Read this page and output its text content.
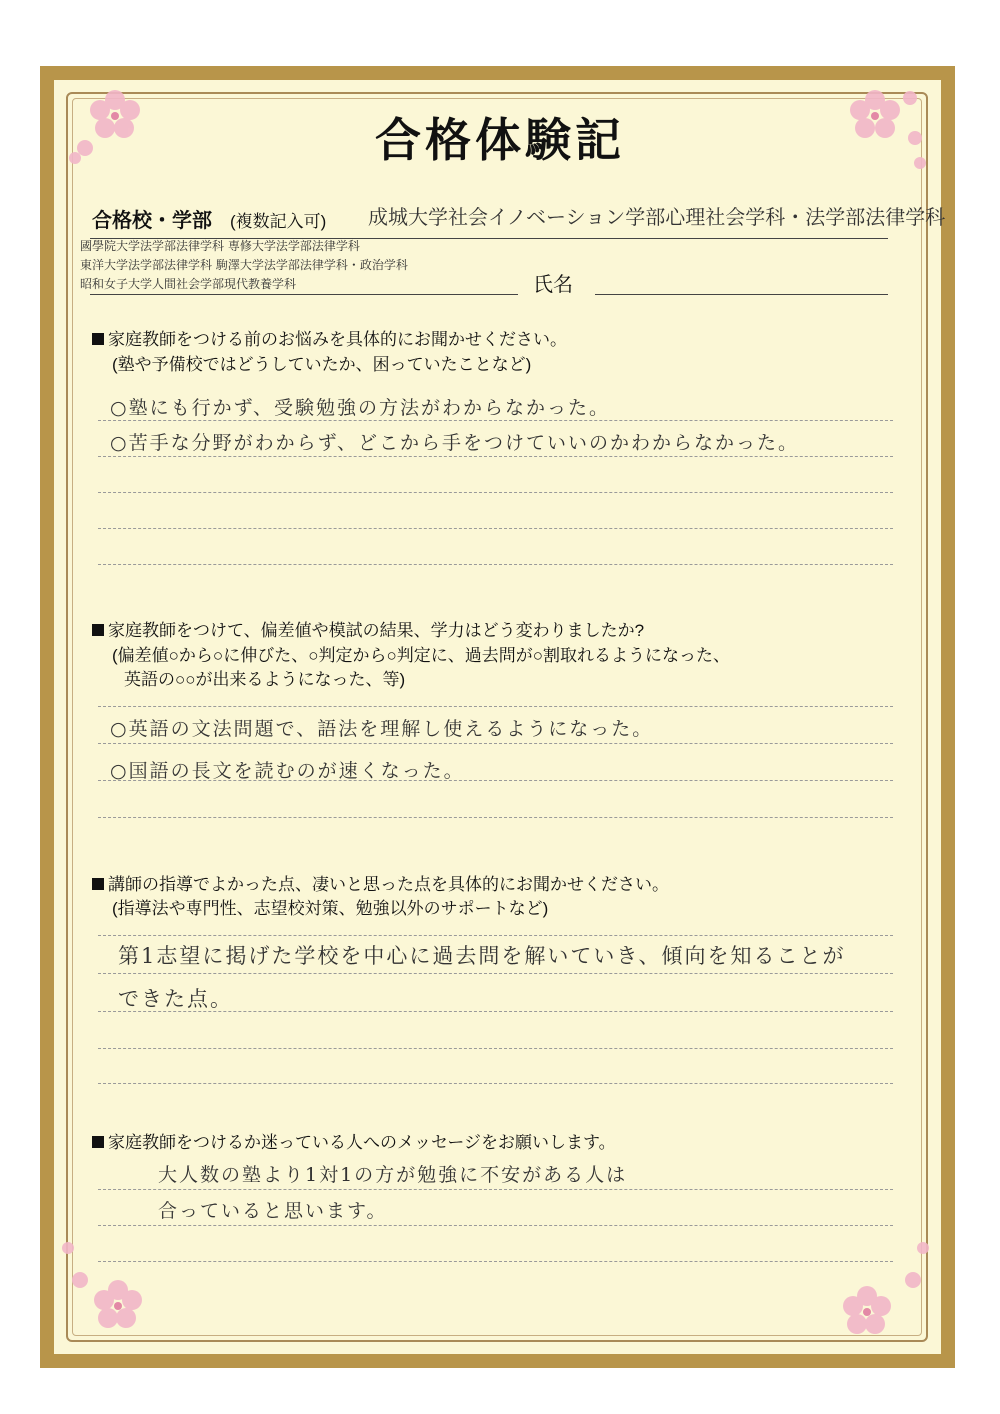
合格体験記
合格校・学部 (複数記入可) 成城大学社会イノベーション学部心理社会学科・法学部法律学科
國學院大学法学部法律学科 専修大学法学部法律学科
東洋大学法学部法律学科 駒澤大学法学部法律学科・政治学科
昭和女子大学人間社会学部現代教養学科	氏名
家庭教師をつける前のお悩みを具体的にお聞かせください。
(塾や予備校ではどうしていたか、困っていたことなど)
○塾にも行かず、受験勉強の方法がわからなかった。
○苦手な分野がわからず、どこから手をつけていいのかわからなかった。
家庭教師をつけて、偏差値や模試の結果、学力はどう変わりましたか?
(偏差値○から○に伸びた、○判定から○判定に、過去問が○割取れるようになった、
英語の○○が出来るようになった、等)
○英語の文法問題で、語法を理解し使えるようになった。
○国語の長文を読むのが速くなった。
講師の指導でよかった点、凄いと思った点を具体的にお聞かせください。
(指導法や専門性、志望校対策、勉強以外のサポートなど)
第1志望に掲げた学校を中心に過去問を解いていき、傾向を知ることが
できた点。
家庭教師をつけるか迷っている人へのメッセージをお願いします。
大人数の塾より1対1の方が勉強に不安がある人は
合っていると思います。
